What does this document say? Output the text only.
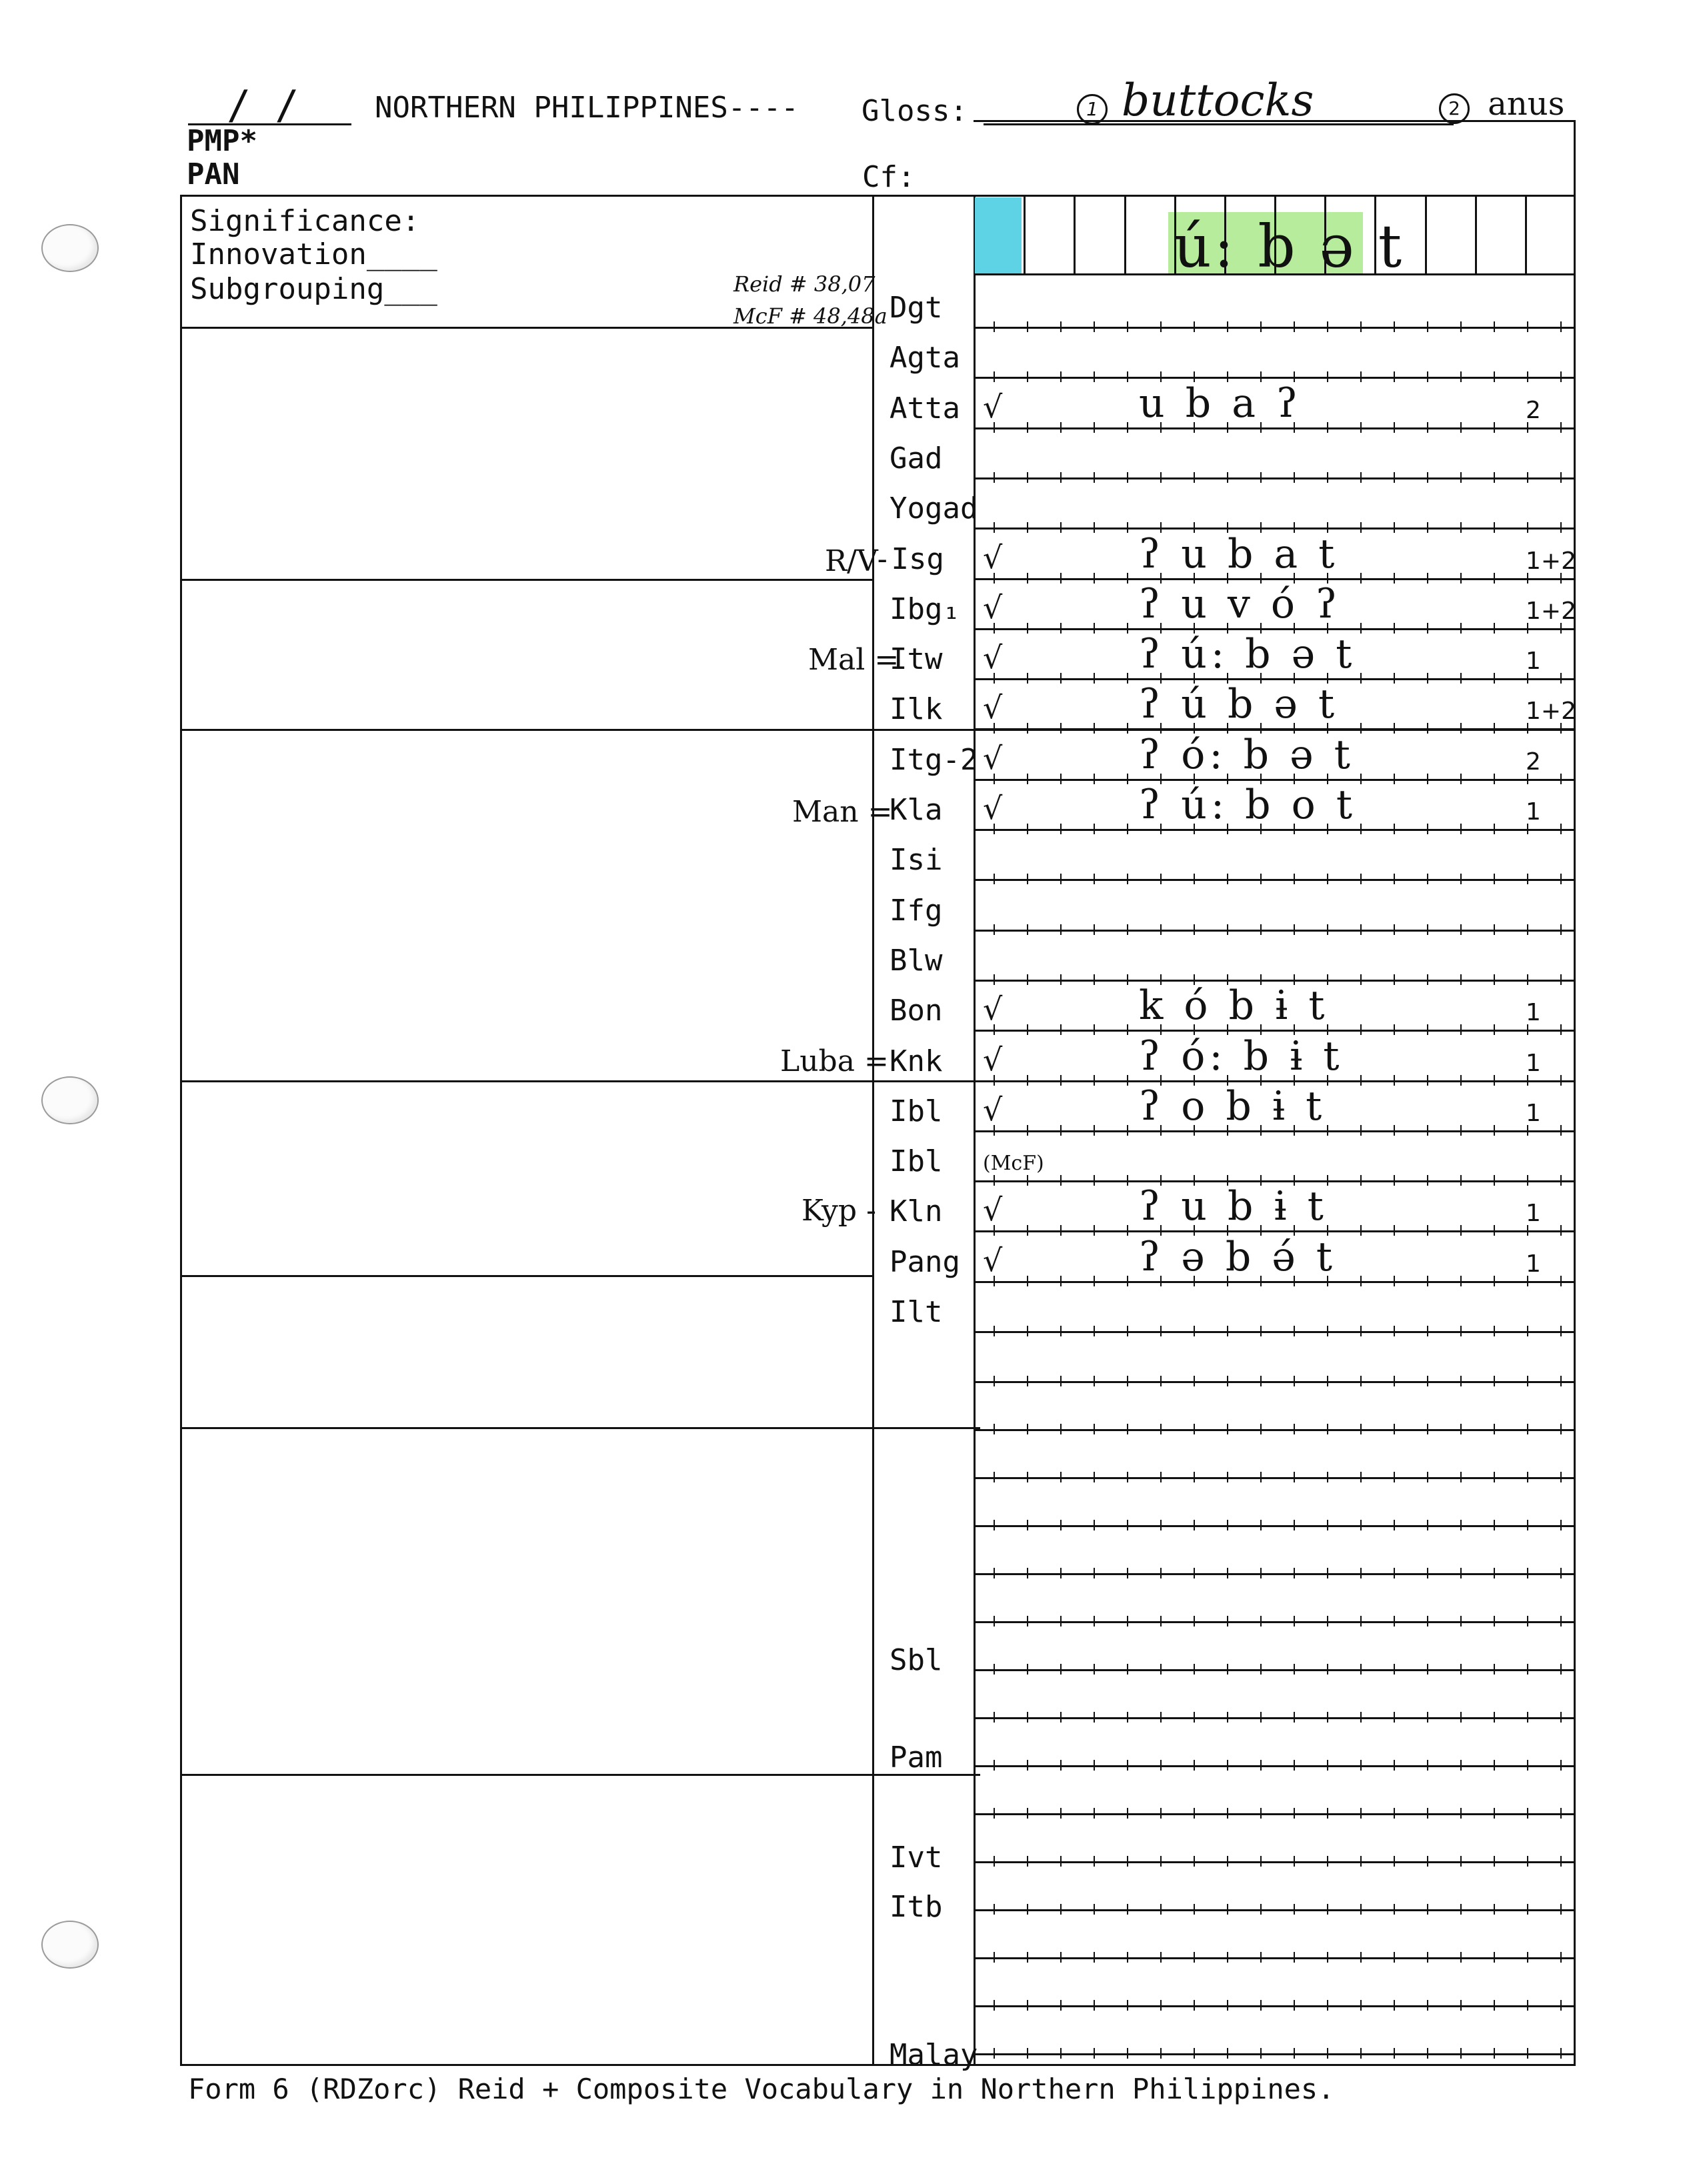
/ /	NORTHERN PHILIPPINES---- Gloss:	1 buttocks	2 anus
PMP*
PAN	Cf:
Significance:
Innovation____
Subgrouping___	Reid # 38,07
McF # 48,48a
ú: b ə t
R/V
Mal =
Man =
Luba =
Kyp -
Dgt
Agta
Atta √	u b a ʔ	2
Gad
Yogad
-Isg √	ʔ u b a t	1+2
Ibg₁ √	ʔ u v ó ʔ	1+2
Itw √	ʔ ú: b ə t	1
Ilk √	ʔ ú b ə t	1+2
Itg-2 √	ʔ ó: b ə t	2
Kla √	ʔ ú: b o t	1
Isi
Ifg
Blw
Bon √	k ó b ɨ t	1
Knk √	ʔ ó: b ɨ t	1
Ibl √	ʔ o b ɨ t	1
Ibl (McF)
Kln √	ʔ u b ɨ t	1
Pang √	ʔ ə b ə́ t	1
Ilt
Sbl
Pam
Ivt
Itb
Malay
Form 6 (RDZorc) Reid + Composite Vocabulary in Northern Philippines.
